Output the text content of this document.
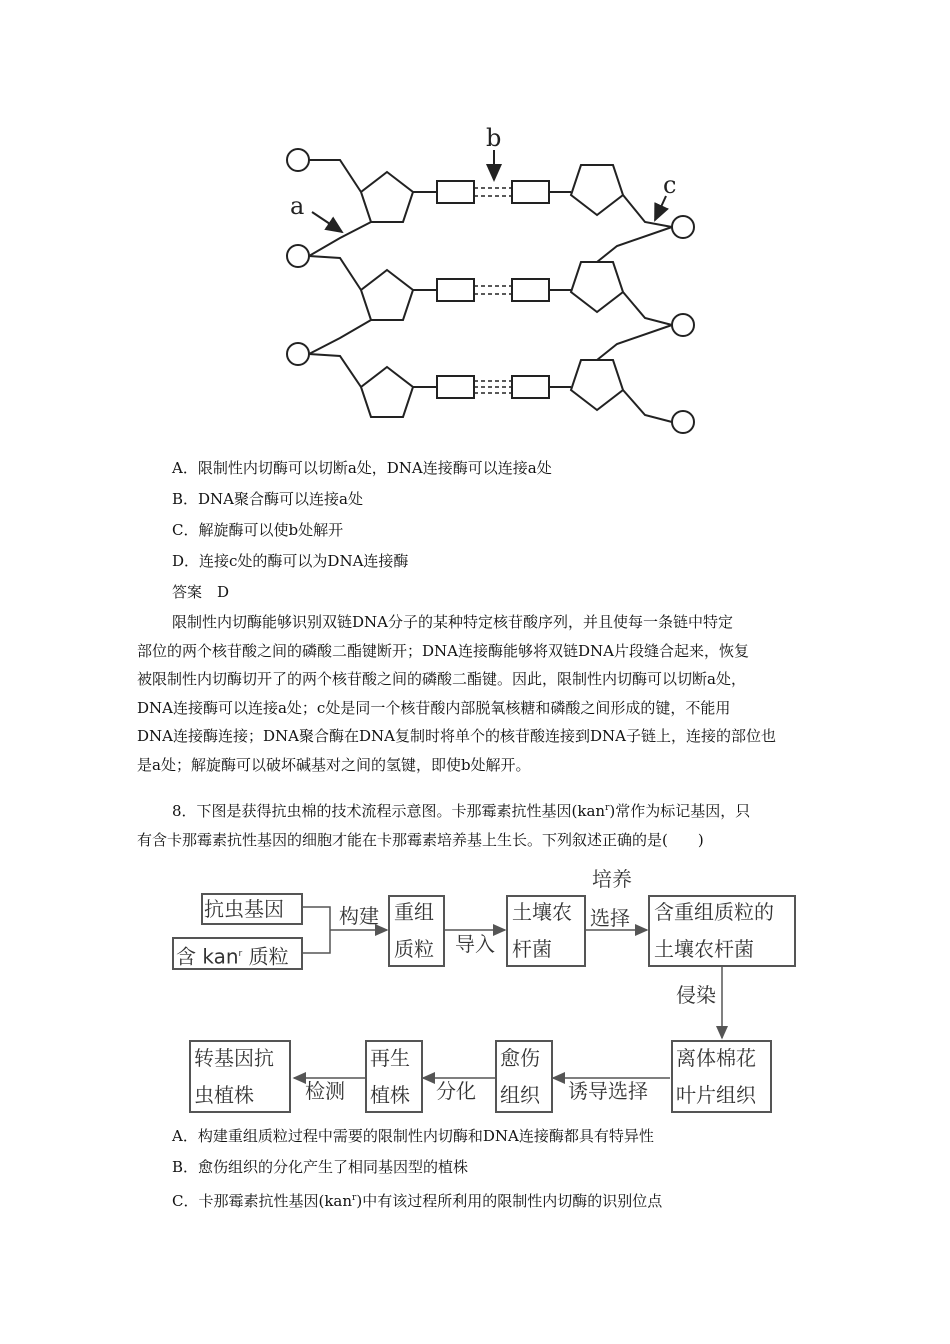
a
b
c
A．限制性内切酶可以切断a处，DNA连接酶可以连接a处
B．DNA聚合酶可以连接a处
C．解旋酶可以使b处解开
D．连接c处的酶可以为DNA连接酶
答案　D
限制性内切酶能够识别双链DNA分子的某种特定核苷酸序列，并且使每一条链中特定
部位的两个核苷酸之间的磷酸二酯键断开；DNA连接酶能够将双链DNA片段缝合起来，恢复
被限制性内切酶切开了的两个核苷酸之间的磷酸二酯键。因此，限制性内切酶可以切断a处，
DNA连接酶可以连接a处；c处是同一个核苷酸内部脱氧核糖和磷酸之间形成的键，不能用
DNA连接酶连接；DNA聚合酶在DNA复制时将单个的核苷酸连接到DNA子链上，连接的部位也
是a处；解旋酶可以破坏碱基对之间的氢键，即使b处解开。
8．下图是获得抗虫棉的技术流程示意图。卡那霉素抗性基因(kan$^r$)常作为标记基因，只
有含卡那霉素抗性基因的细胞才能在卡那霉素培养基上生长。下列叙述正确的是(　　)
抗虫基因
含 kan$^r$ 质粒
重组
质粒
土壤农
杆菌
含重组质粒的
土壤农杆菌
离体棉花
叶片组织
愈伤
组织
再生
植株
转基因抗
虫植株
构建
导入
培养
选择
侵染
诱导选择
分化
检测
A．构建重组质粒过程中需要的限制性内切酶和DNA连接酶都具有特异性
B．愈伤组织的分化产生了相同基因型的植株
C．卡那霉素抗性基因(kan$^r$)中有该过程所利用的限制性内切酶的识别位点
